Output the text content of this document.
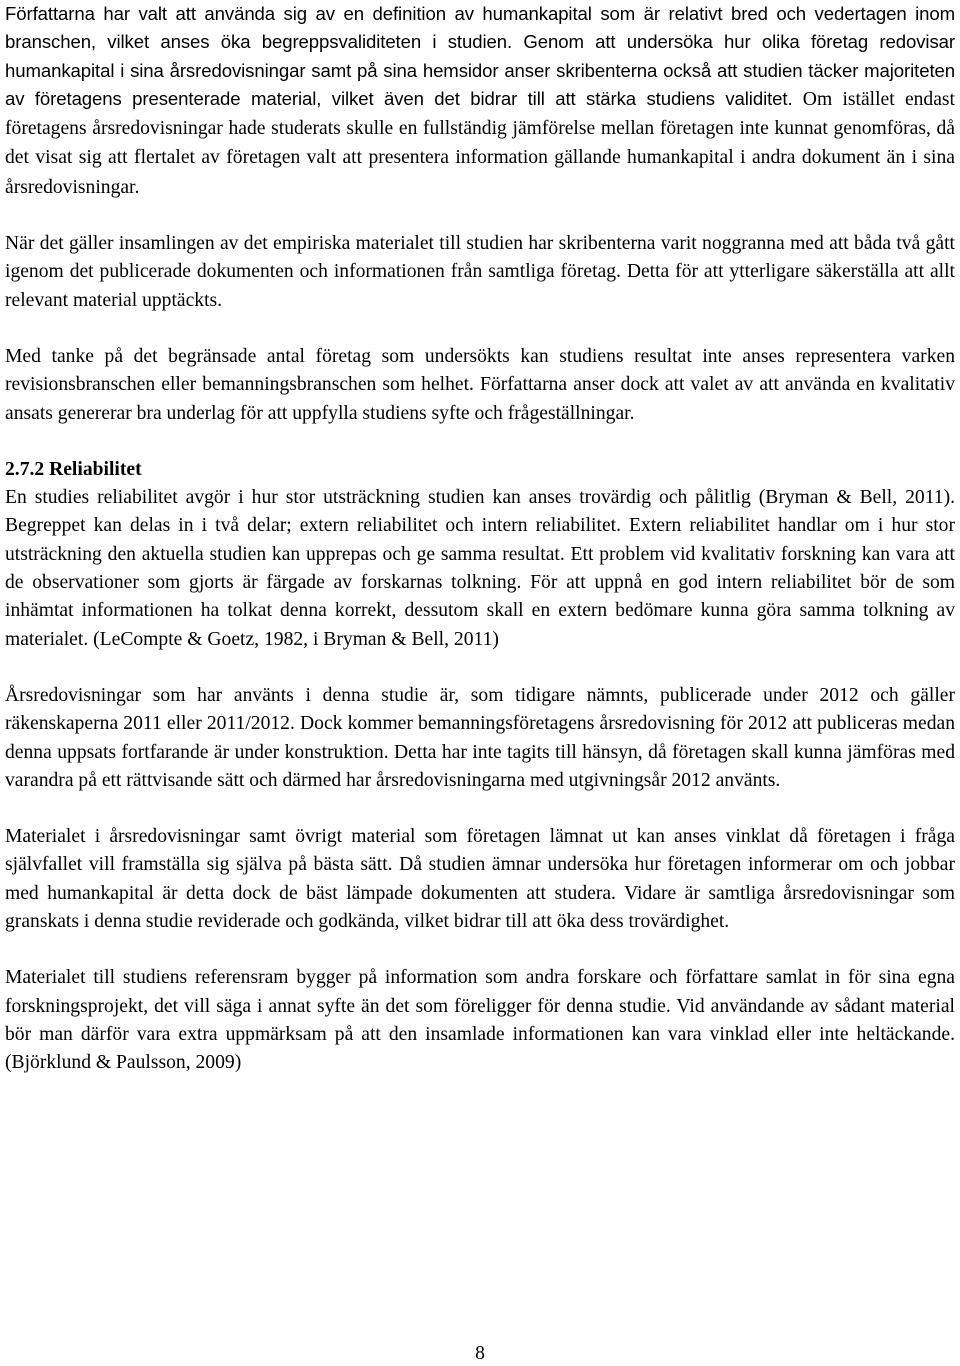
Författarna har valt att använda sig av en definition av humankapital som är relativt bred och vedertagen inom branschen, vilket anses öka begreppsvaliditeten i studien. Genom att undersöka hur olika företag redovisar humankapital i sina årsredovisningar samt på sina hemsidor anser skribenterna också att studien täcker majoriteten av företagens presenterade material, vilket även det bidrar till att stärka studiens validitet. Om istället endast företagens årsredovisningar hade studerats skulle en fullständig jämförelse mellan företagen inte kunnat genomföras, då det visat sig att flertalet av företagen valt att presentera information gällande humankapital i andra dokument än i sina årsredovisningar.

När det gäller insamlingen av det empiriska materialet till studien har skribenterna varit noggranna med att båda två gått igenom det publicerade dokumenten och informationen från samtliga företag. Detta för att ytterligare säkerställa att allt relevant material upptäckts.

Med tanke på det begränsade antal företag som undersökts kan studiens resultat inte anses representera varken revisionsbranschen eller bemanningsbranschen som helhet. Författarna anser dock att valet av att använda en kvalitativ ansats genererar bra underlag för att uppfylla studiens syfte och frågeställningar.

2.7.2 Reliabilitet

En studies reliabilitet avgör i hur stor utsträckning studien kan anses trovärdig och pålitlig (Bryman & Bell, 2011). Begreppet kan delas in i två delar; extern reliabilitet och intern reliabilitet. Extern reliabilitet handlar om i hur stor utsträckning den aktuella studien kan upprepas och ge samma resultat. Ett problem vid kvalitativ forskning kan vara att de observationer som gjorts är färgade av forskarnas tolkning. För att uppnå en god intern reliabilitet bör de som inhämtat informationen ha tolkat denna korrekt, dessutom skall en extern bedömare kunna göra samma tolkning av materialet. (LeCompte & Goetz, 1982, i Bryman & Bell, 2011)

Årsredovisningar som har använts i denna studie är, som tidigare nämnts, publicerade under 2012 och gäller räkenskaperna 2011 eller 2011/2012. Dock kommer bemanningsföretagens årsredovisning för 2012 att publiceras medan denna uppsats fortfarande är under konstruktion. Detta har inte tagits till hänsyn, då företagen skall kunna jämföras med varandra på ett rättvisande sätt och därmed har årsredovisningarna med utgivningsår 2012 använts.

Materialet i årsredovisningar samt övrigt material som företagen lämnat ut kan anses vinklat då företagen i fråga självfallet vill framställa sig själva på bästa sätt. Då studien ämnar undersöka hur företagen informerar om och jobbar med humankapital är detta dock de bäst lämpade dokumenten att studera. Vidare är samtliga årsredovisningar som granskats i denna studie reviderade och godkända, vilket bidrar till att öka dess trovärdighet.

Materialet till studiens referensram bygger på information som andra forskare och författare samlat in för sina egna forskningsprojekt, det vill säga i annat syfte än det som föreligger för denna studie. Vid användande av sådant material bör man därför vara extra uppmärksam på att den insamlade informationen kan vara vinklad eller inte heltäckande. (Björklund & Paulsson, 2009)

8
